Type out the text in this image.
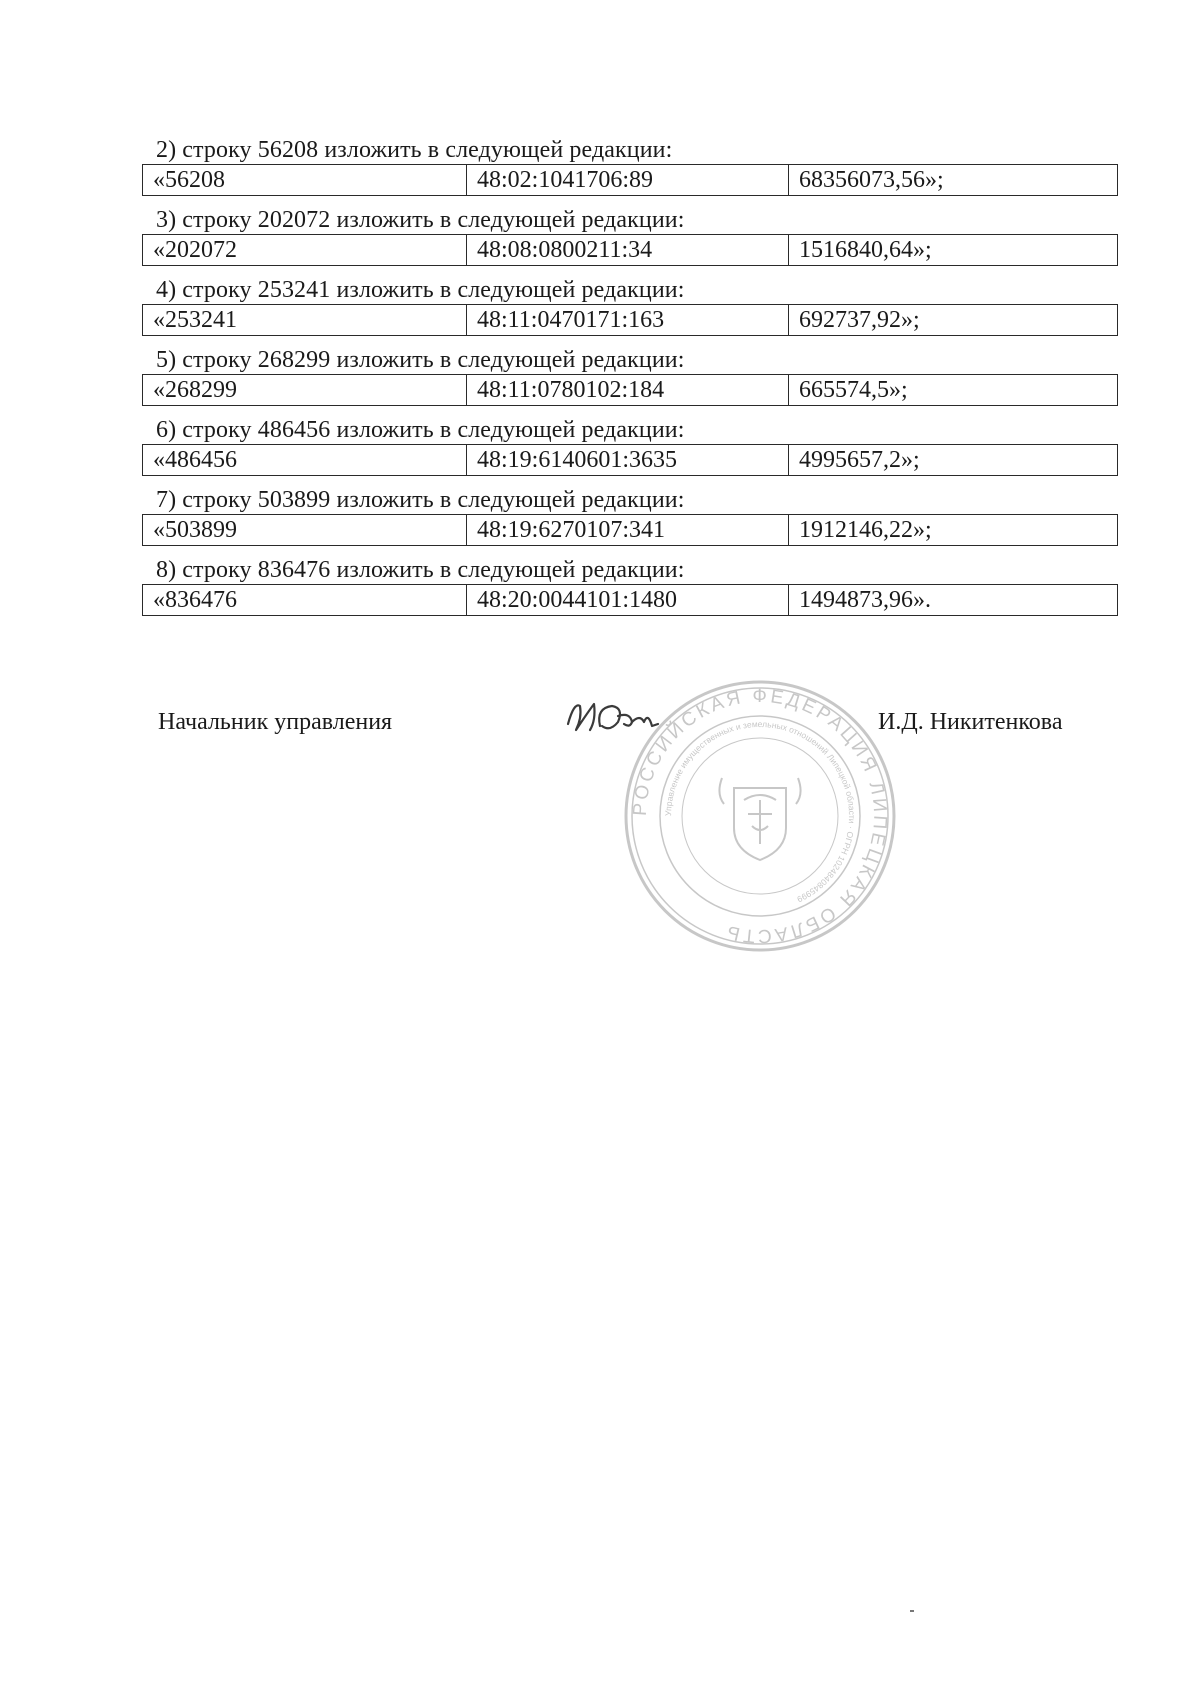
2) строку 56208 изложить в следующей редакции:
«56208	48:02:1041706:89	68356073,56»;
3) строку 202072 изложить в следующей редакции:
«202072	48:08:0800211:34	1516840,64»;
4) строку 253241 изложить в следующей редакции:
«253241	48:11:0470171:163	692737,92»;
5) строку 268299 изложить в следующей редакции:
«268299	48:11:0780102:184	665574,5»;
6) строку 486456 изложить в следующей редакции:
«486456	48:19:6140601:3635	4995657,2»;
7) строку 503899 изложить в следующей редакции:
«503899	48:19:6270107:341	1912146,22»;
8) строку 836476 изложить в следующей редакции:
«836476	48:20:0044101:1480	1494873,96».
Начальник управления
РОССИЙСКАЯ ФЕДЕРАЦИЯ ЛИПЕЦКАЯ ОБЛАСТЬ
Управление имущественных и земельных отношений Липецкой области · ОГРН 1024840845999
И.Д. Никитенкова
